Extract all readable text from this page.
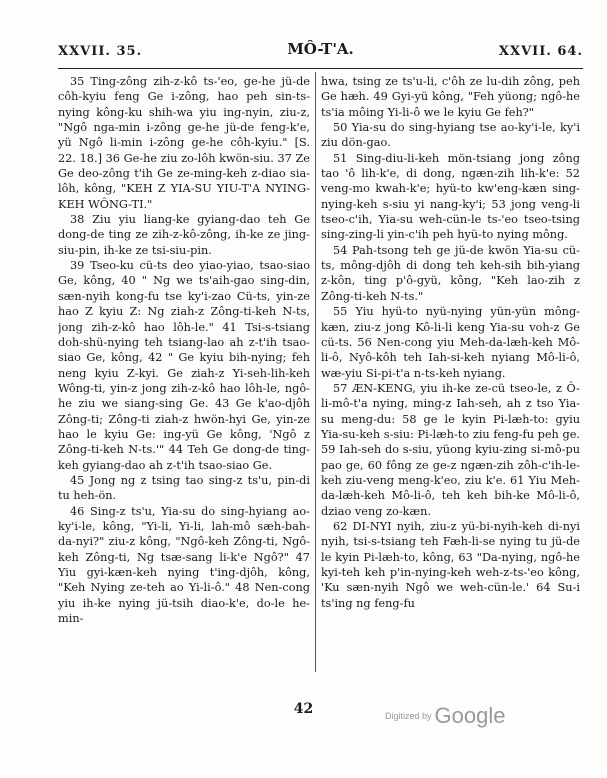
XXVII. 35.	MÔ-T'A.	XXVII. 64.

35 Ting-zông zih-z-kô ts-'eo, ge-he jü-de côh-kyiu feng Ge i-zông, hao peh sin-ts-nying kông-ku shih-wa yiu ing-nyin, ziu-z, "Ngô nga-min i-zông ge-he jü-de feng-k'e, yü Ngô li-min i-zông ge-he côh-kyiu." [S. 22. 18.] 36 Ge-he ziu zo-lôh kwön-siu. 37 Ze Ge deo-zông t'ih Ge ze-ming-keh z-diao sia-lôh, kông, "KEH Z YIA-SU YIU-T'A NYING-KEH WÔNG-TI."

38 Ziu yiu liang-ke gyiang-dao teh Ge dong-de ting ze zih-z-kô-zông, ih-ke ze jing-siu-pin, ih-ke ze tsi-siu-pin.

39 Tseo-ku cü-ts deo yiao-yiao, tsao-siao Ge, kông, 40 " Ng we ts'aih-gao sing-din, sæn-nyih kong-fu tse ky'i-zao Cü-ts, yin-ze hao Z kyiu Z: Ng ziah-z Zông-ti-keh N-ts, jong zih-z-kô hao lôh-le." 41 Tsi-s-tsiang doh-shü-nying teh tsiang-lao ah z-t'ih tsao-siao Ge, kông, 42 " Ge kyiu bih-nying; feh neng kyiu Z-kyi. Ge ziah-z Yi-seh-lih-keh Wông-ti, yin-z jong zih-z-kô hao lôh-le, ngô-he ziu we siang-sing Ge. 43 Ge k'ao-djôh Zông-ti; Zông-ti ziah-z hwön-hyi Ge, yin-ze hao le kyiu Ge: ing-yü Ge kông, 'Ngô z Zông-ti-keh N-ts.'" 44 Teh Ge dong-de ting-keh gyiang-dao ah z-t'ih tsao-siao Ge.

45 Jong ng z tsing tao sing-z ts'u, pin-di tu heh-ön.

46 Sing-z ts'u, Yia-su do sing-hyiang ao-ky'i-le, kông, "Yi-li, Yi-li, lah-mô sæh-bah-da-nyi?" ziu-z kông, "Ngô-keh Zông-ti, Ngô-keh Zông-ti, Ng tsæ-sang li-k'e Ngô?" 47 Yiu gyi-kæn-keh nying t'ing-djôh, kông, "Keh Nying ze-teh ao Yi-li-ô." 48 Nen-cong yiu ih-ke nying jü-tsih diao-k'e, do-le he-min-

hwa, tsing ze ts'u-li, c'ôh ze lu-dih zông, peh Ge hæh. 49 Gyi-yü kông, "Feh yüong; ngô-he ts'ia môing Yi-li-ô we le kyiu Ge feh?"

50 Yia-su do sing-hyiang tse ao-ky'i-le, ky'i ziu dön-gao.

51 Sing-diu-li-keh mön-tsiang jong zông tao 'ô lih-k'e, di dong, ngæn-zih lih-k'e: 52 veng-mo kwah-k'e; hyü-to kw'eng-kæn sing-nying-keh s-siu yi nang-ky'i; 53 jong veng-li tseo-c'ih, Yia-su weh-cün-le ts-'eo tseo-tsing sing-zing-li yin-c'ih peh hyü-to nying mông.

54 Pah-tsong teh ge jü-de kwön Yia-su cü-ts, mông-djôh di dong teh keh-sih bih-yiang z-kôn, ting p'ô-gyü, kông, "Keh lao-zih z Zông-ti-keh N-ts."

55 Yiu hyü-to nyü-nying yün-yün mông-kæn, ziu-z jong Kô-li-li keng Yia-su voh-z Ge cü-ts. 56 Nen-cong yiu Meh-da-læh-keh Mô-li-ô, Nyô-kôh teh Iah-si-keh nyiang Mô-li-ô, wæ-yiu Si-pi-t'a n-ts-keh nyiang.

57 ÆN-KENG, yiu ih-ke ze-cü tseo-le, z Ô-li-mô-t'a nying, ming-z Iah-seh, ah z tso Yia-su meng-du: 58 ge le kyin Pi-læh-to: gyiu Yia-su-keh s-siu: Pi-læh-to ziu feng-fu peh ge. 59 Iah-seh do s-siu, yüong kyiu-zing si-mô-pu pao ge, 60 fông ze ge-z ngæn-zih zôh-c'ih-le-keh ziu-veng meng-k'eo, ziu k'e. 61 Yiu Meh-da-læh-keh Mô-li-ô, teh keh bih-ke Mô-li-ô, dziao veng zo-kæn.

62 DI-NYI nyih, ziu-z yü-bi-nyih-keh di-nyi nyih, tsi-s-tsiang teh Fæh-li-se nying tu jü-de le kyin Pi-læh-to, kông, 63 "Da-nying, ngô-he kyi-teh keh p'in-nying-keh weh-z-ts-'eo kông, 'Ku sæn-nyih Ngô we weh-cün-le.' 64 Su-i ts'ing ng feng-fu

42	$^{Digitized by}$ Google
